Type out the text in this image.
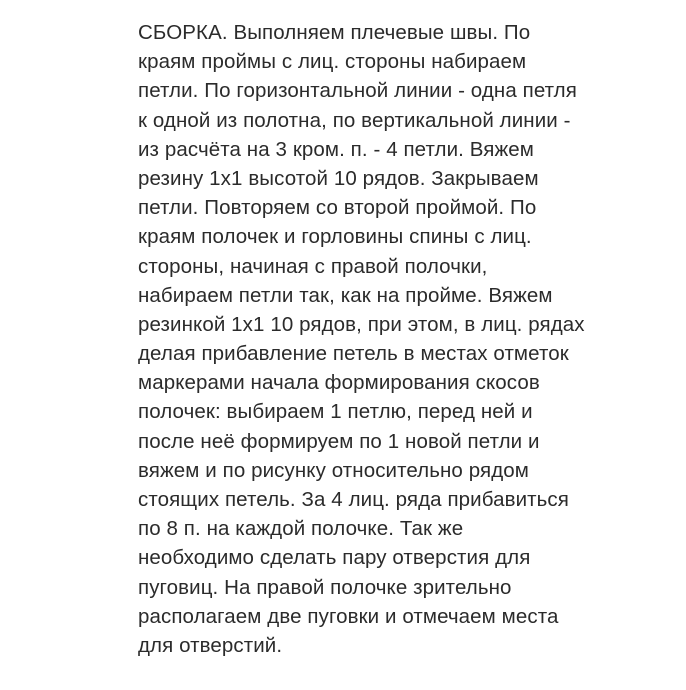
СБОРКА. Выполняем плечевые швы. По
краям проймы с лиц. стороны набираем
петли. По горизонтальной линии - одна петля
к одной из полотна, по вертикальной линии -
из расчёта на 3 кром. п. - 4 петли. Вяжем
резину 1х1 высотой 10 рядов. Закрываем
петли. Повторяем со второй проймой. По
краям полочек и горловины спины с лиц.
стороны, начиная с правой полочки,
набираем петли так, как на пройме. Вяжем
резинкой 1х1 10 рядов, при этом, в лиц. рядах
делая прибавление петель в местах отметок
маркерами начала формирования скосов
полочек: выбираем 1 петлю, перед ней и
после неё формируем по 1 новой петли и
вяжем и по рисунку относительно рядом
стоящих петель. За 4 лиц. ряда прибавиться
по 8 п. на каждой полочке. Так же
необходимо сделать пару отверстия для
пуговиц. На правой полочке зрительно
располагаем две пуговки и отмечаем места
для отверстий.
